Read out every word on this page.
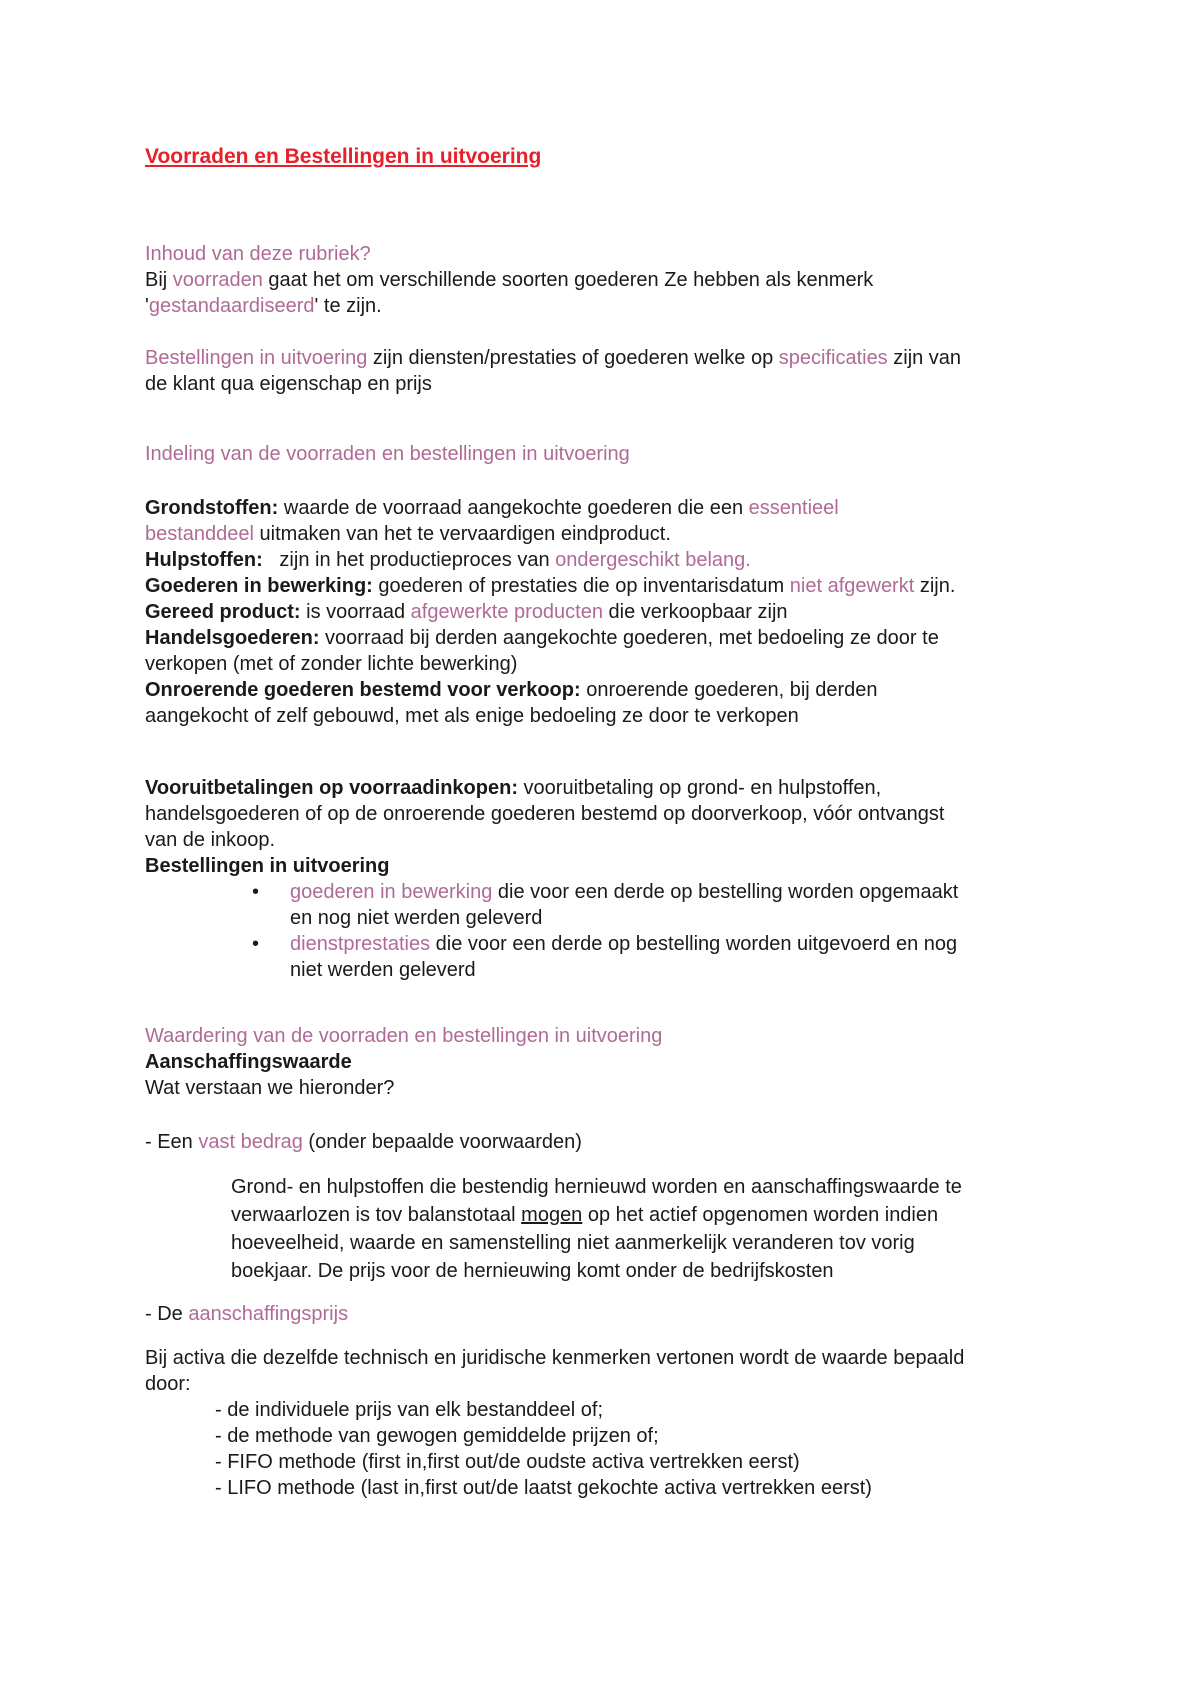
Voorraden en Bestellingen in uitvoering
Inhoud van deze rubriek?
Bij voorraden gaat het om verschillende soorten goederen Ze hebben als kenmerk
'gestandaardiseerd' te zijn.
Bestellingen in uitvoering zijn diensten/prestaties of goederen welke op specificaties zijn van
de klant qua eigenschap en prijs
Indeling van de voorraden en bestellingen in uitvoering
Grondstoffen: waarde de voorraad aangekochte goederen die een essentieel
bestanddeel uitmaken van het te vervaardigen eindproduct.
Hulpstoffen:   zijn in het productieproces van ondergeschikt belang.
Goederen in bewerking: goederen of prestaties die op inventarisdatum niet afgewerkt zijn.
Gereed product: is voorraad afgewerkte producten die verkoopbaar zijn
Handelsgoederen: voorraad bij derden aangekochte goederen, met bedoeling ze door te
verkopen (met of zonder lichte bewerking)
Onroerende goederen bestemd voor verkoop: onroerende goederen, bij derden
aangekocht of zelf gebouwd, met als enige bedoeling ze door te verkopen
Vooruitbetalingen op voorraadinkopen: vooruitbetaling op grond- en hulpstoffen,
handelsgoederen of op de onroerende goederen bestemd op doorverkoop, vóór ontvangst
van de inkoop.
Bestellingen in uitvoering
• goederen in bewerking die voor een derde op bestelling worden opgemaakt
en nog niet werden geleverd
• dienstprestaties die voor een derde op bestelling worden uitgevoerd en nog
niet werden geleverd
Waardering van de voorraden en bestellingen in uitvoering
Aanschaffingswaarde
Wat verstaan we hieronder?
- Een vast bedrag (onder bepaalde voorwaarden)
Grond- en hulpstoffen die bestendig hernieuwd worden en aanschaffingswaarde te
verwaarlozen is tov balanstotaal mogen op het actief opgenomen worden indien
hoeveelheid, waarde en samenstelling niet aanmerkelijk veranderen tov vorig
boekjaar. De prijs voor de hernieuwing komt onder de bedrijfskosten
- De aanschaffingsprijs
Bij activa die dezelfde technisch en juridische kenmerken vertonen wordt de waarde bepaald
door:
- de individuele prijs van elk bestanddeel of;
- de methode van gewogen gemiddelde prijzen of;
- FIFO methode (first in,first out/de oudste activa vertrekken eerst)
- LIFO methode (last in,first out/de laatst gekochte activa vertrekken eerst)
